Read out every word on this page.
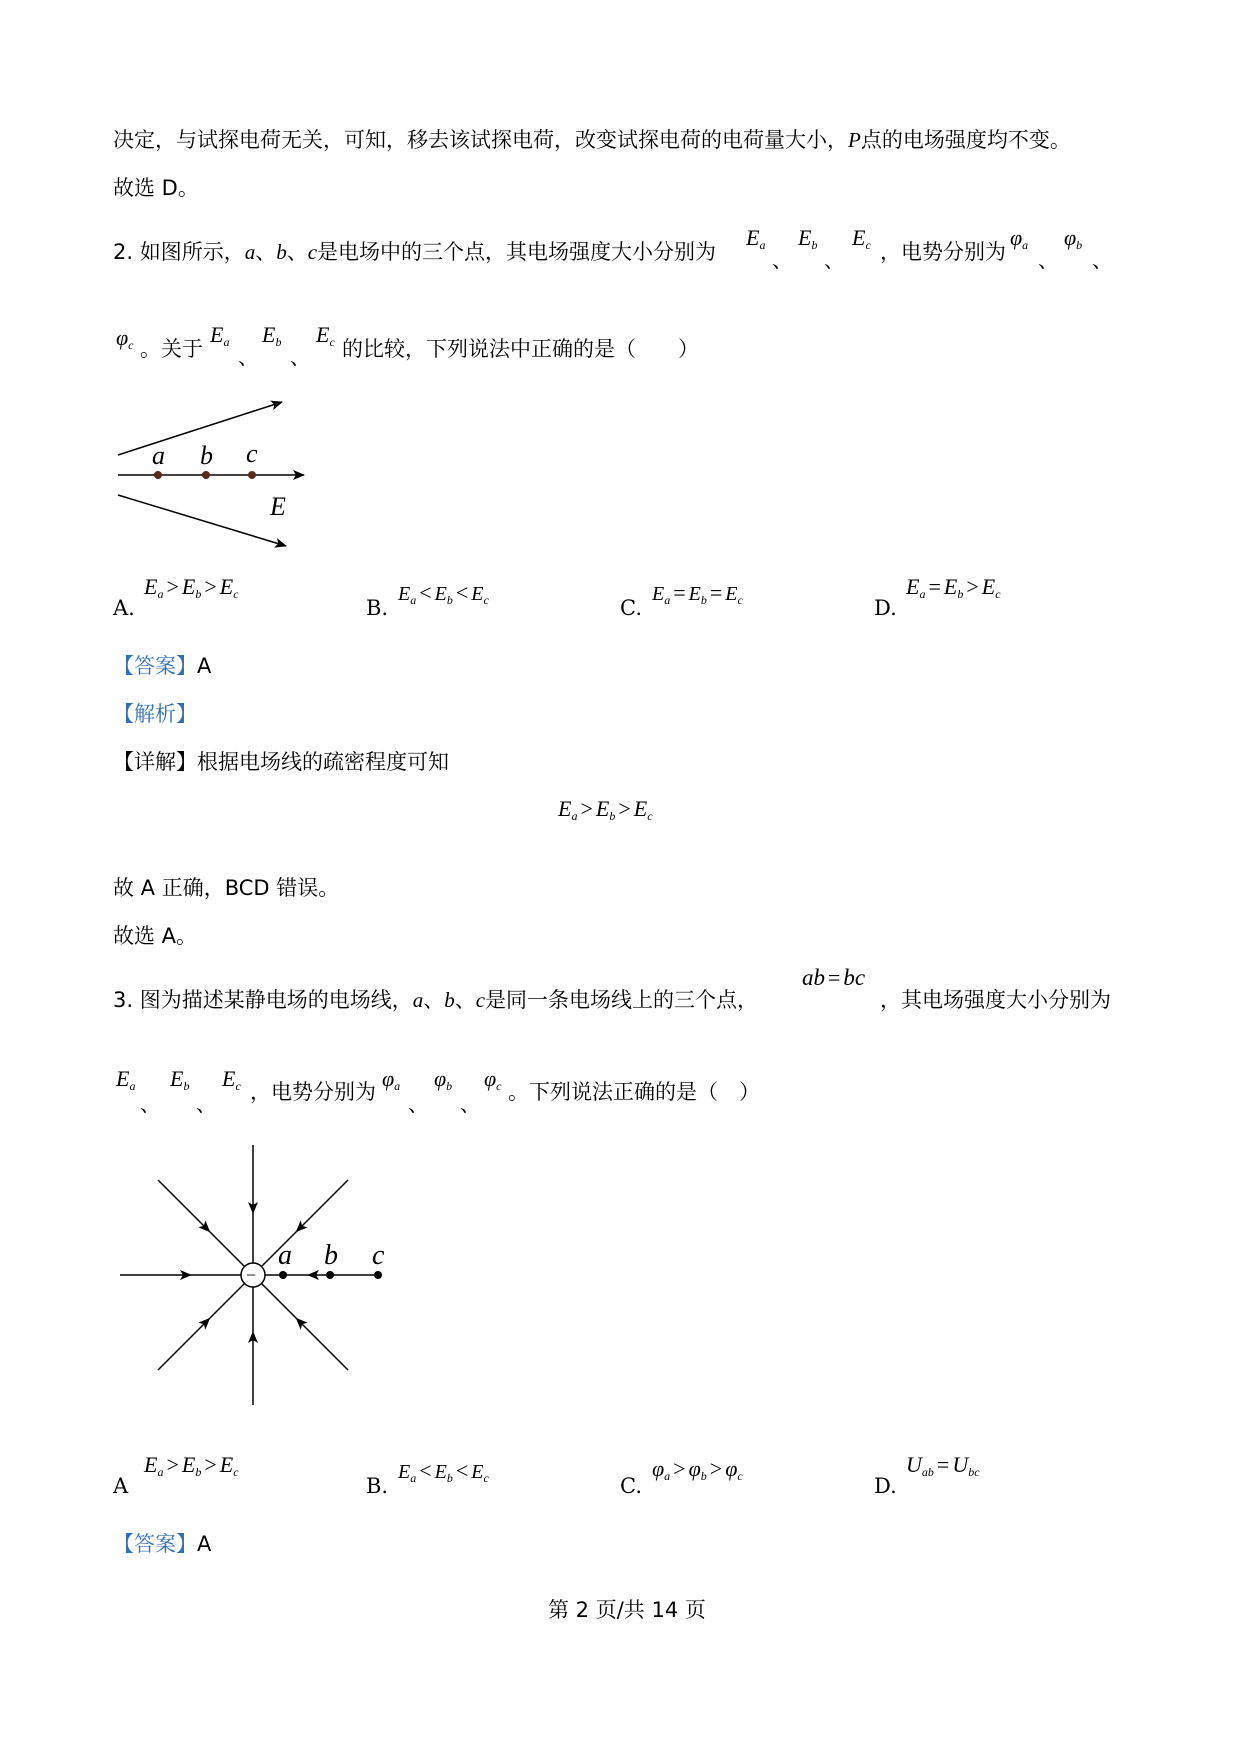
决定，与试探电荷无关，可知，移去该试探电荷，改变试探电荷的电荷量大小，P点的电场强度均不变。
故选 D。
2. 如图所示，a、b、c是电场中的三个点，其电场强度大小分别为
$E_a$
、
$E_b$
、
$E_c$ ，电势分别为
$\varphi_a$
、
$\varphi_b$
、
$\varphi_c$ 。关于
$E_a$
、
$E_b$
、
$E_c$ 的比较，下列说法中正确的是（　　）
a b c
E
A.
$E_a > E_b > E_c$
B.
$E_a < E_b < E_c$	C.
$E_a = E_b = E_c$	D.
$E_a = E_b > E_c$
【答案】A
【解析】
【详解】根据电场线的疏密程度可知
$E_a > E_b > E_c$
故 A 正确，BCD 错误。
故选 A。
3. 图为描述某静电场的电场线，a、b、c是同一条电场线上的三个点，
ab = bc
，其电场强度大小分别为
$E_a$
、
$E_b$
、
$E_c$ ，电势分别为
$\varphi_a$
、
$\varphi_b$
、
$\varphi_c$ 。下列说法正确的是（　）
−
a b c
A
$E_a > E_b > E_c$
B.
$E_a < E_b < E_c$	C.
$\varphi_a > \varphi_b > \varphi_c$	D.
$U_{ab} = U_{bc}$
【答案】A
第 2 页/共 14 页
